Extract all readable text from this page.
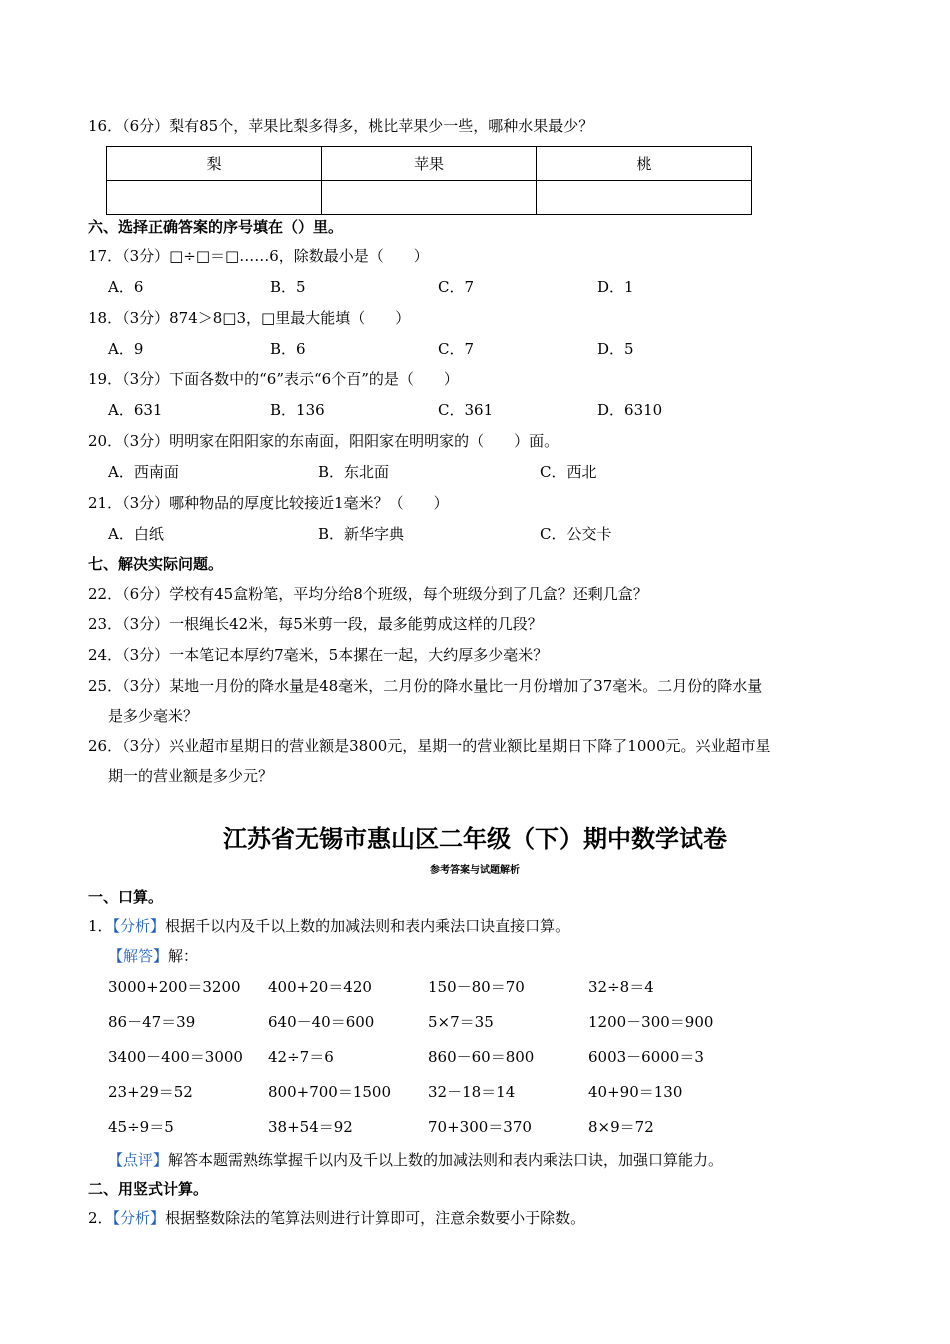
16．（6分）梨有85个，苹果比梨多得多，桃比苹果少一些，哪种水果最少？
梨	苹果	桃

六、选择正确答案的序号填在（）里。
17．（3分）□÷□＝□……6，除数最小是（　　）
A．6	B．5	C．7	D．1
18．（3分）874＞8□3，□里最大能填（　　）
A．9	B．6	C．7	D．5
19．（3分）下面各数中的“6”表示“6个百”的是（　　）
A．631	B．136	C．361	D．6310
20．（3分）明明家在阳阳家的东南面，阳阳家在明明家的（　　）面。
A．西南面	B．东北面	C．西北
21．（3分）哪种物品的厚度比较接近1毫米？（　　）
A．白纸	B．新华字典	C．公交卡
七、解决实际问题。
22．（6分）学校有45盒粉笔，平均分给8个班级，每个班级分到了几盒？还剩几盒？
23．（3分）一根绳长42米，每5米剪一段，最多能剪成这样的几段？
24．（3分）一本笔记本厚约7毫米，5本摞在一起，大约厚多少毫米？
25．（3分）某地一月份的降水量是48毫米，二月份的降水量比一月份增加了37毫米。二月份的降水量
是多少毫米？
26．（3分）兴业超市星期日的营业额是3800元，星期一的营业额比星期日下降了1000元。兴业超市星
期一的营业额是多少元？
江苏省无锡市惠山区二年级（下）期中数学试卷
参考答案与试题解析
一、口算。
1．【分析】根据千以内及千以上数的加减法则和表内乘法口诀直接口算。
【解答】解：
3000+200＝3200 400+20＝420	150－80＝70	32÷8＝4
86－47＝39	640－40＝600	5×7＝35	1200－300＝900
3400－400＝3000 42÷7＝6	860－60＝800	6003－6000＝3
23+29＝52	800+700＝1500 32－18＝14	40+90＝130
45÷9＝5	38+54＝92	70+300＝370	8×9＝72
【点评】解答本题需熟练掌握千以内及千以上数的加减法则和表内乘法口诀，加强口算能力。
二、用竖式计算。
2．【分析】根据整数除法的笔算法则进行计算即可，注意余数要小于除数。
